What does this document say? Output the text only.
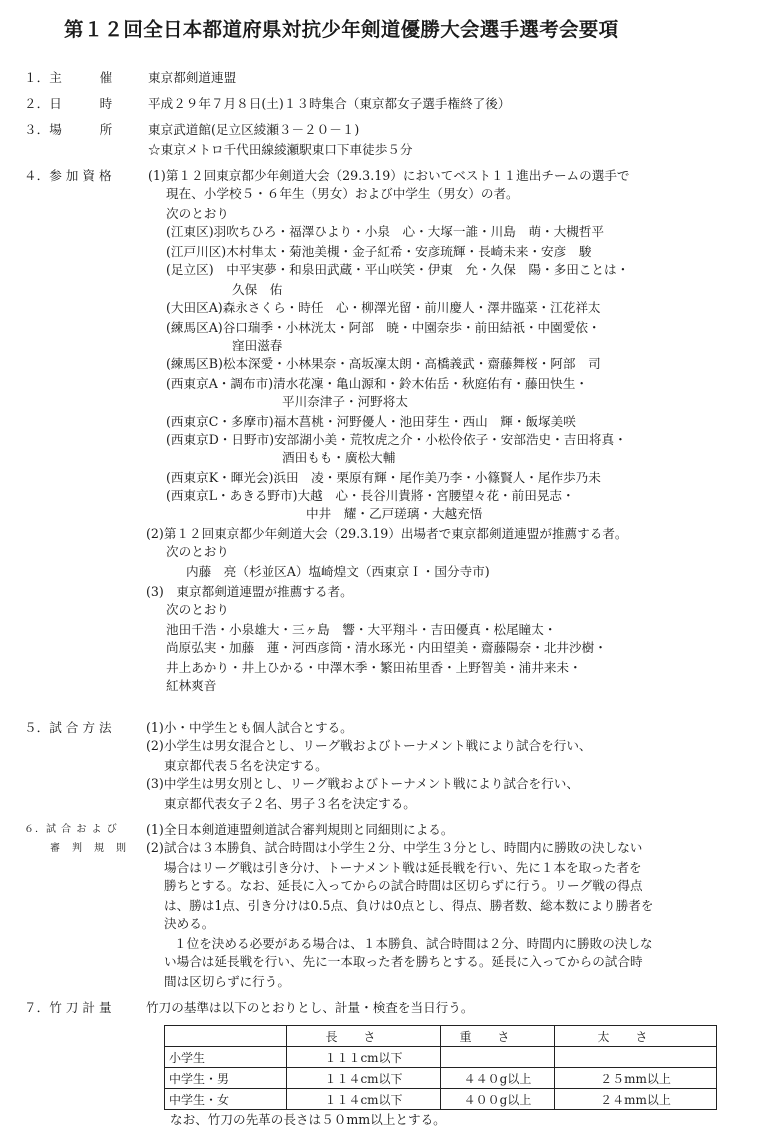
第１２回全日本都道府県対抗少年剣道優勝大会選手選考会要項
１．主　　　催	東京都剣道連盟
２．日　　　時	平成２９年７月８日(土)１３時集合（東京都女子選手権終了後）
３．場　　　所	東京武道館(足立区綾瀬３－２０－１)
☆東京メトロ千代田線綾瀬駅東口下車徒歩５分
４．参 加 資 格	(1)第１２回東京都少年剣道大会（29.3.19）においてベスト１１進出チームの選手で
現在、小学校５・６年生（男女）および中学生（男女）の者。
次のとおり
(江東区)羽吹ちひろ・福澤ひより・小泉　心・大塚一誰・川島　萌・大槻哲平
(江戸川区)木村隼太・菊池美槻・金子紅希・安彦琉輝・長崎未来・安彦　駿
(足立区)　中平実夢・和泉田武蔵・平山咲笑・伊東　允・久保　陽・多田ことは・
久保　佑
(大田区A)森永さくら・時任　心・柳澤光留・前川慶人・澤井臨菜・江花祥太
(練馬区A)谷口瑞季・小林洸太・阿部　暁・中園奈歩・前田結祇・中園愛依・
窪田滋春
(練馬区B)松本深愛・小林果奈・高坂凜太朗・高橋義武・齋藤舞桜・阿部　司
(西東京A・調布市)清水花凜・亀山源和・鈴木佑岳・秋庭佑有・藤田快生・
平川奈津子・河野将太
(西東京C・多摩市)福木菖桃・河野優人・池田芽生・西山　輝・飯塚美咲
(西東京D・日野市)安部湖小美・荒牧虎之介・小松伶依子・安部浩史・吉田将真・
酒田もも・廣松大輔
(西東京K・暉光会)浜田　凌・栗原有輝・尾作美乃李・小篠賢人・尾作歩乃未
(西東京L・あきる野市)大越　心・長谷川貴將・宮腰望々花・前田晃志・
中井　耀・乙戸瑳璃・大越充悟
(2)第１２回東京都少年剣道大会（29.3.19）出場者で東京都剣道連盟が推薦する者。
次のとおり
内藤　亮（杉並区A）塩崎煌文（西東京Ｉ・国分寺市)
(3)　東京都剣道連盟が推薦する者。
次のとおり
池田千浩・小泉雄大・三ヶ島　響・大平翔斗・吉田優真・松尾瞳太・
尚原弘実・加藤　蓮・河西彦筒・清水琢光・内田望美・齋藤陽奈・北井沙樹・
井上あかり・井上ひかる・中澤木季・繁田祐里香・上野智美・浦井来未・
紅林爽音
５．試 合 方 法	(1)小・中学生とも個人試合とする。
(2)小学生は男女混合とし、リーグ戦およびトーナメント戦により試合を行い、
東京都代表５名を決定する。
(3)中学生は男女別とし、リーグ戦およびトーナメント戦により試合を行い、
東京都代表女子２名、男子３名を決定する。
６．試 合 お よ び
審　判　規　則
(1)全日本剣道連盟剣道試合審判規則と同細則による。
(2)試合は３本勝負、試合時間は小学生２分、中学生３分とし、時間内に勝敗の決しない
場合はリーグ戦は引き分け、トーナメント戦は延長戦を行い、先に１本を取った者を
勝ちとする。なお、延長に入ってからの試合時間は区切らずに行う。リーグ戦の得点
は、勝は1点、引き分けは0.5点、負けは0点とし、得点、勝者数、総本数により勝者を
決める。
１位を決める必要がある場合は、１本勝負、試合時間は２分、時間内に勝敗の決しな
い場合は延長戦を行い、先に一本取った者を勝ちとする。延長に入ってからの試合時
間は区切らずに行う。
７．竹 刀 計 量	竹刀の基準は以下のとおりとし、計量・検査を当日行う。
	長さ	重さ	太さ
小学生	１１１cm以下		
中学生・男	１１４cm以下	４４０g以上	２５mm以上
中学生・女	１１４cm以下	４００g以上	２４mm以上
なお、竹刀の先革の長さは５０mm以上とする。
